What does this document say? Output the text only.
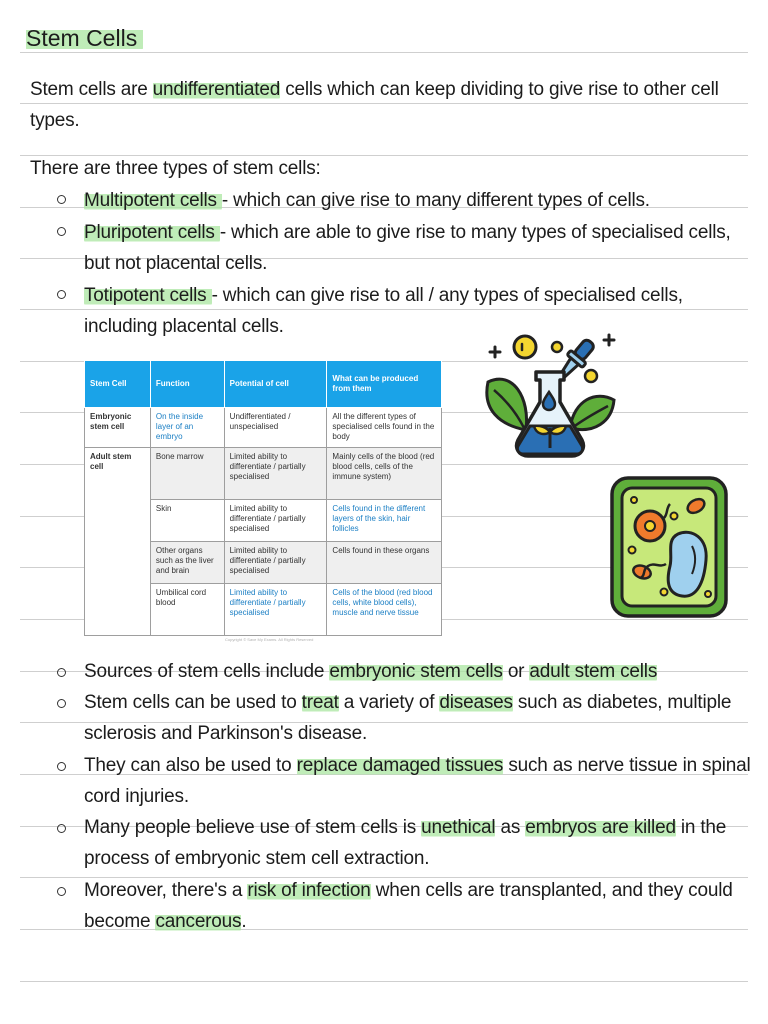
Stem Cells
Stem cells are undifferentiated cells which can keep dividing to give rise to other cell
types.
There are three types of stem cells:
Multipotent cells - which can give rise to many different types of cells.
Pluripotent cells - which are able to give rise to many types of specialised cells,
but not placental cells.
Totipotent cells - which can give rise to all / any types of specialised cells,
including placental cells.
Stem Cell	Function	Potential of cell	What can be produced from them
Embryonic stem cell	On the inside layer of an embryo	Undifferentiated / unspecialised	All the different types of specialised cells found in the body
Adult stem cell	Bone marrow	Limited ability to differentiate / partially specialised	Mainly cells of the blood (red blood cells, cells of the immune system)
	Skin	Limited ability to differentiate / partially specialised	Cells found in the different layers of the skin, hair follicles
	Other organs such as the liver and brain	Limited ability to differentiate / partially specialised	Cells found in these organs
	Umbilical cord blood	Limited ability to differentiate / partially specialised	Cells of the blood (red blood cells, white blood cells), muscle and nerve tissue
Copyright © Save My Exams. All Rights Reserved
Sources of stem cells include embryonic stem cells or adult stem cells
Stem cells can be used to treat a variety of diseases such as diabetes, multiple
sclerosis and Parkinson's disease.
They can also be used to replace damaged tissues such as nerve tissue in spinal
cord injuries.
Many people believe use of stem cells is unethical as embryos are killed in the
process of embryonic stem cell extraction.
Moreover, there's a risk of infection when cells are transplanted, and they could
become cancerous.
